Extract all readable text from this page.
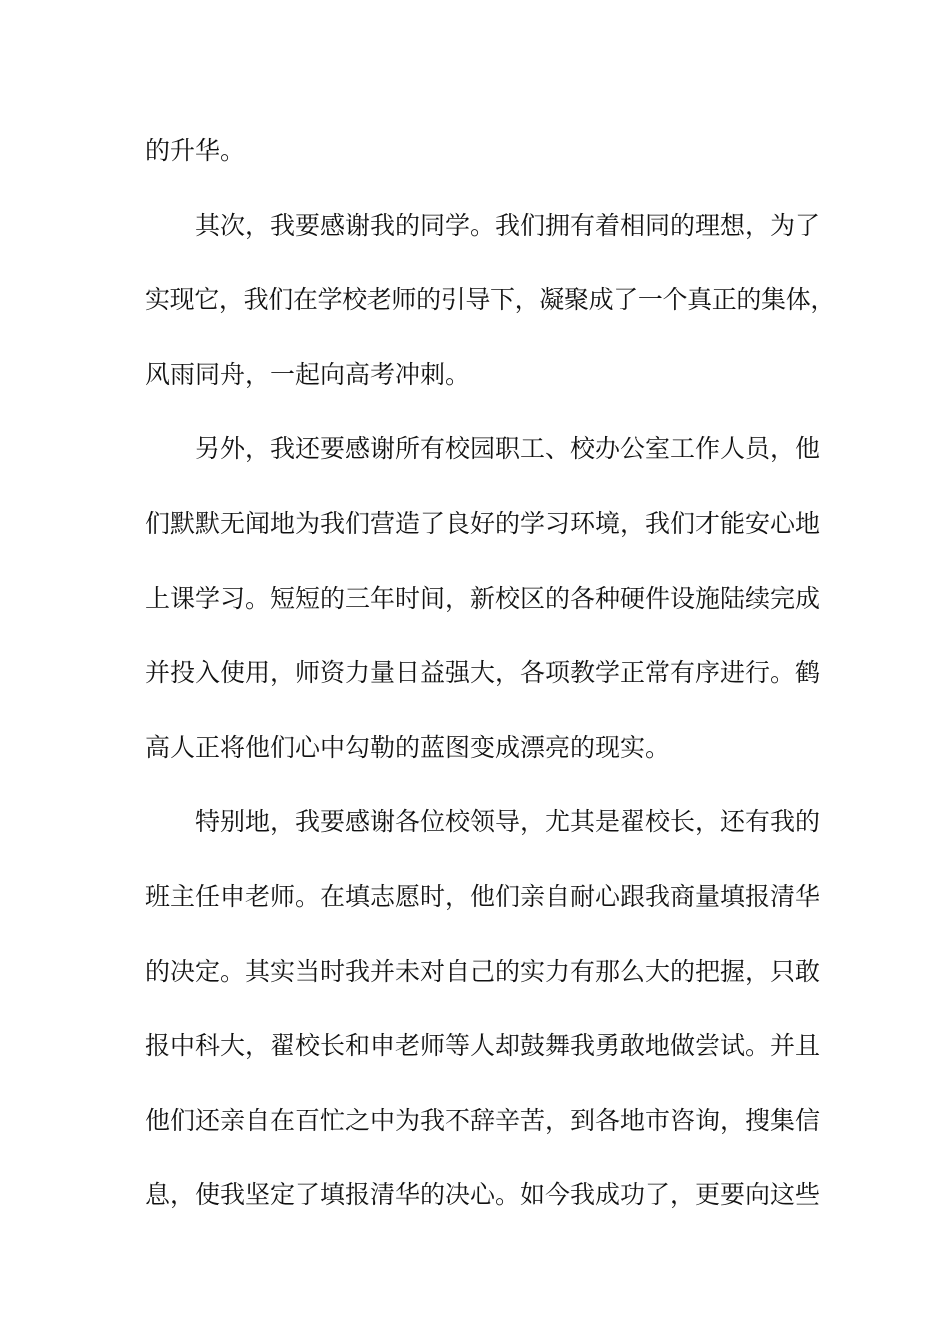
的升华。
其次，我要感谢我的同学。我们拥有着相同的理想，为了
实现它，我们在学校老师的引导下，凝聚成了一个真正的集体，
风雨同舟，一起向高考冲刺。
另外，我还要感谢所有校园职工、校办公室工作人员，他
们默默无闻地为我们营造了良好的学习环境，我们才能安心地
上课学习。短短的三年时间，新校区的各种硬件设施陆续完成
并投入使用，师资力量日益强大，各项教学正常有序进行。鹤
高人正将他们心中勾勒的蓝图变成漂亮的现实。
特别地，我要感谢各位校领导，尤其是翟校长，还有我的
班主任申老师。在填志愿时，他们亲自耐心跟我商量填报清华
的决定。其实当时我并未对自己的实力有那么大的把握，只敢
报中科大，翟校长和申老师等人却鼓舞我勇敢地做尝试。并且
他们还亲自在百忙之中为我不辞辛苦，到各地市咨询，搜集信
息，使我坚定了填报清华的决心。如今我成功了，更要向这些
